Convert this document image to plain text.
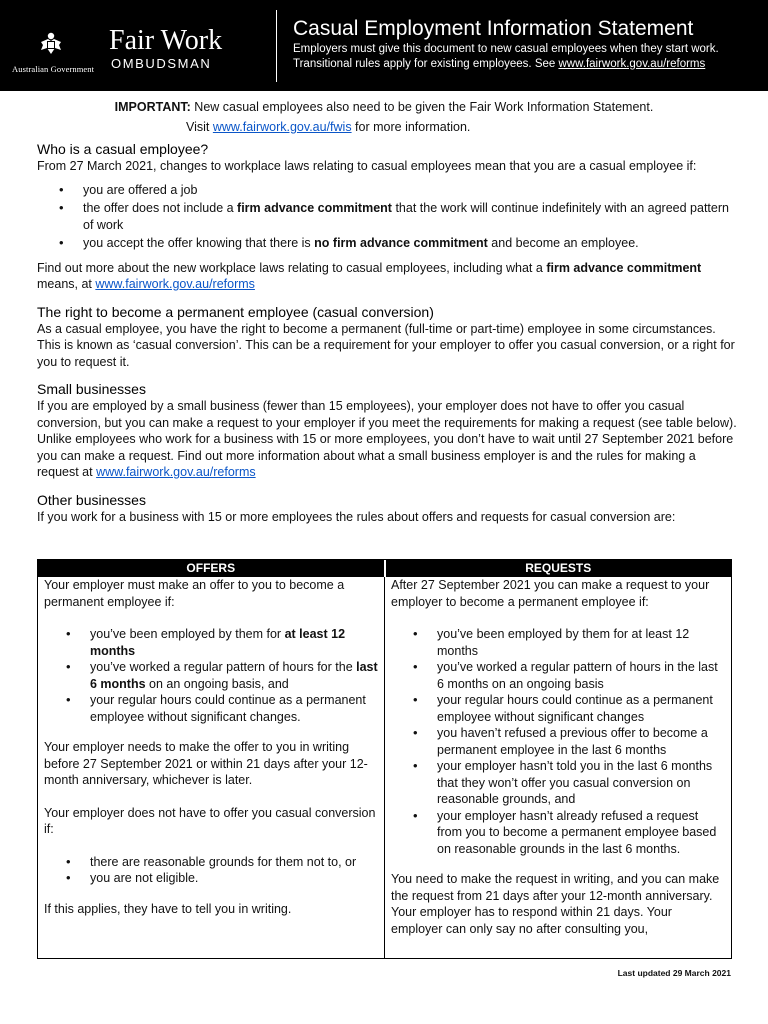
Australian Government
Fair Work
OMBUDSMAN
Casual Employment Information Statement
Employers must give this document to new casual employees when they start work.
Transitional rules apply for existing employees. See www.fairwork.gov.au/reforms
IMPORTANT: New casual employees also need to be given the Fair Work Information Statement.
Visit www.fairwork.gov.au/fwis for more information.
Who is a casual employee?

From 27 March 2021, changes to workplace laws relating to casual employees mean that you are a casual employee if:

• you are offered a job
• the offer does not include a firm advance commitment that the work will continue indefinitely with an agreed pattern of work
• you accept the offer knowing that there is no firm advance commitment and become an employee.

Find out more about the new workplace laws relating to casual employees, including what a firm advance commitment means, at www.fairwork.gov.au/reforms

The right to become a permanent employee (casual conversion)

As a casual employee, you have the right to become a permanent (full-time or part-time) employee in some circumstances. This is known as ‘casual conversion’. This can be a requirement for your employer to offer you casual conversion, or a right for you to request it.

Small businesses

If you are employed by a small business (fewer than 15 employees), your employer does not have to offer you casual conversion, but you can make a request to your employer if you meet the requirements for making a request (see table below). Unlike employees who work for a business with 15 or more employees, you don’t have to wait until 27 September 2021 before you can make a request. Find out more information about what a small business employer is and the rules for making a request at www.fairwork.gov.au/reforms

Other businesses

If you work for a business with 15 or more employees the rules about offers and requests for casual conversion are:

OFFERS	REQUESTS

Your employer must make an offer to you to become a permanent employee if:

• you’ve been employed by them for at least 12 months
• you’ve worked a regular pattern of hours for the last 6 months on an ongoing basis, and
• your regular hours could continue as a permanent employee without significant changes.

Your employer needs to make the offer to you in writing before 27 September 2021 or within 21 days after your 12-month anniversary, whichever is later.

Your employer does not have to offer you casual conversion if:

• there are reasonable grounds for them not to, or
• you are not eligible.

If this applies, they have to tell you in writing.

After 27 September 2021 you can make a request to your employer to become a permanent employee if:

• you’ve been employed by them for at least 12 months
• you’ve worked a regular pattern of hours in the last 6 months on an ongoing basis
• your regular hours could continue as a permanent employee without significant changes
• you haven’t refused a previous offer to become a permanent employee in the last 6 months
• your employer hasn’t told you in the last 6 months that they won’t offer you casual conversion on reasonable grounds, and
• your employer hasn’t already refused a request from you to become a permanent employee based on reasonable grounds in the last 6 months.

You need to make the request in writing, and you can make the request from 21 days after your 12-month anniversary. Your employer has to respond within 21 days. Your employer can only say no after consulting you,

Last updated 29 March 2021
